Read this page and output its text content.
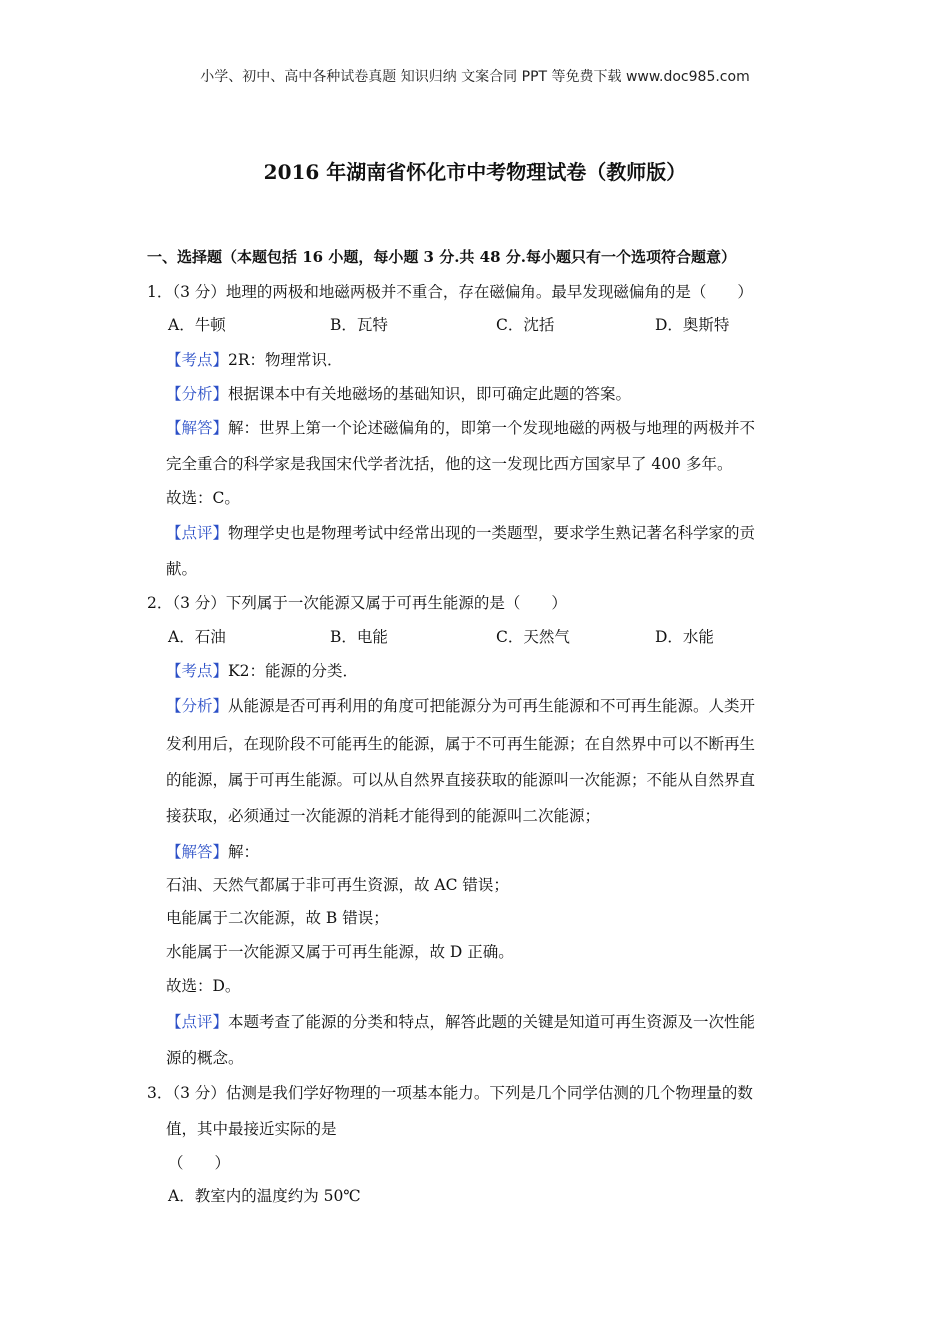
小学、初中、高中各种试卷真题 知识归纳 文案合同 PPT 等免费下载 www.doc985.com
2016 年湖南省怀化市中考物理试卷（教师版）
一、选择题（本题包括 16 小题，每小题 3 分.共 48 分.每小题只有一个选项符合题意）
1．（3 分）地理的两极和地磁两极并不重合，存在磁偏角。最早发现磁偏角的是（　　）
A．牛顿	B．瓦特	C．沈括	D．奥斯特
【考点】2R：物理常识．
【分析】根据课本中有关地磁场的基础知识，即可确定此题的答案。
【解答】解：世界上第一个论述磁偏角的，即第一个发现地磁的两极与地理的两极并不
完全重合的科学家是我国宋代学者沈括，他的这一发现比西方国家早了 400 多年。
故选：C。
【点评】物理学史也是物理考试中经常出现的一类题型，要求学生熟记著名科学家的贡
献。
2．（3 分）下列属于一次能源又属于可再生能源的是（　　）
A．石油	B．电能	C．天然气	D．水能
【考点】K2：能源的分类．
【分析】从能源是否可再利用的角度可把能源分为可再生能源和不可再生能源。人类开
发利用后，在现阶段不可能再生的能源，属于不可再生能源；在自然界中可以不断再生
的能源，属于可再生能源。可以从自然界直接获取的能源叫一次能源；不能从自然界直
接获取，必须通过一次能源的消耗才能得到的能源叫二次能源；
【解答】解：
石油、天然气都属于非可再生资源，故 AC 错误；
电能属于二次能源，故 B 错误；
水能属于一次能源又属于可再生能源，故 D 正确。
故选：D。
【点评】本题考查了能源的分类和特点，解答此题的关键是知道可再生资源及一次性能
源的概念。
3．（3 分）估测是我们学好物理的一项基本能力。下列是几个同学估测的几个物理量的数
值，其中最接近实际的是
（　　）
A．教室内的温度约为 50℃
